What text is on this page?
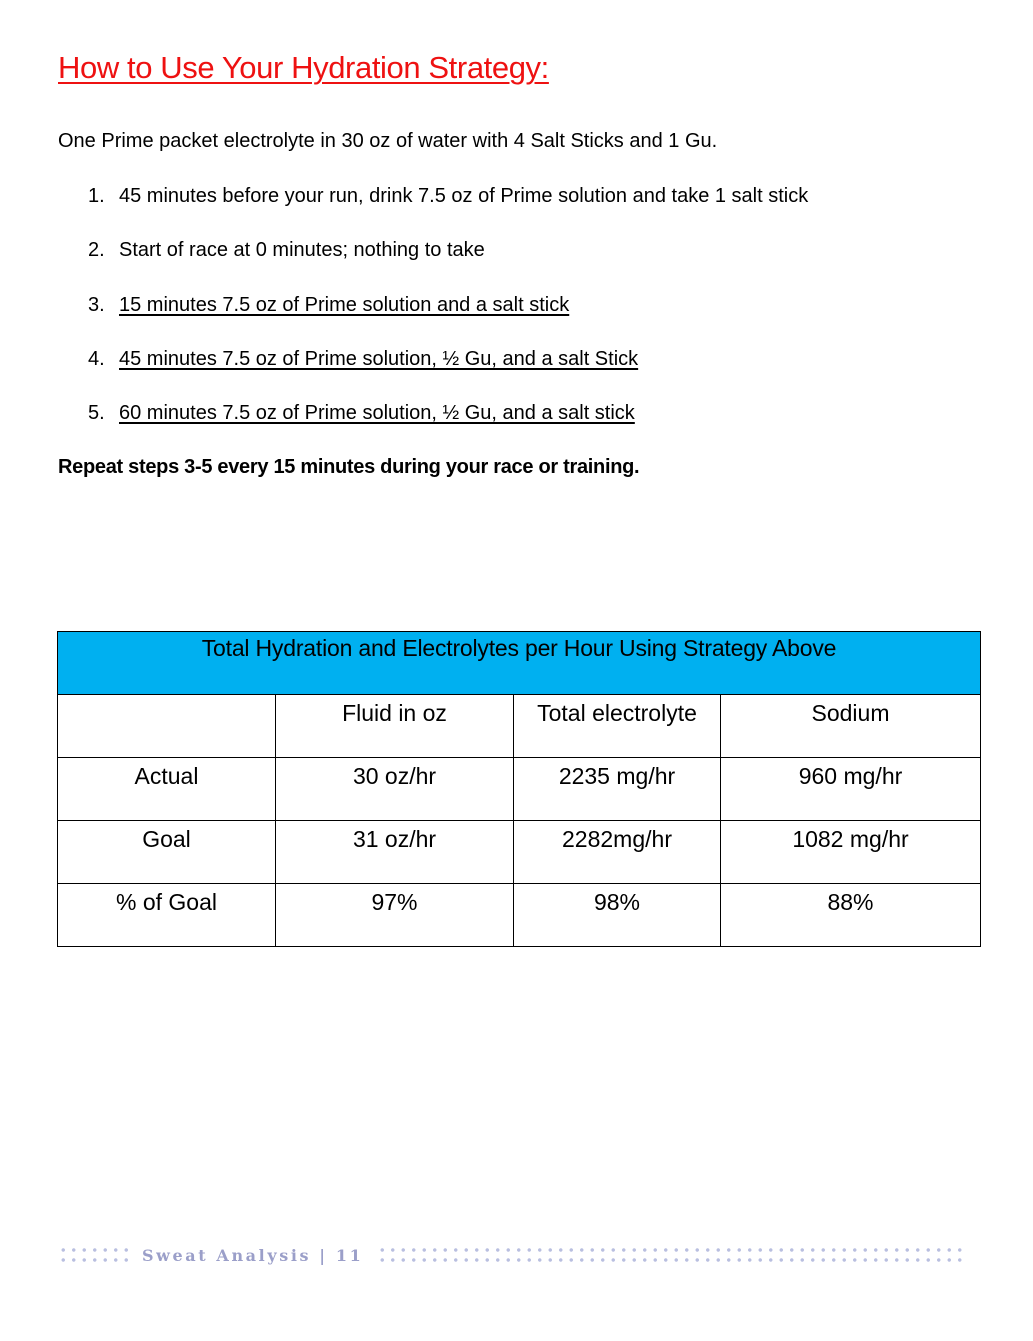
How to Use Your Hydration Strategy:

One Prime packet electrolyte in 30 oz of water with 4 Salt Sticks and 1 Gu.

1. 45 minutes before your run, drink 7.5 oz of Prime solution and take 1 salt stick
2. Start of race at 0 minutes; nothing to take
3. 15 minutes 7.5 oz of Prime solution and a salt stick
4. 45 minutes 7.5 oz of Prime solution, ½ Gu, and a salt Stick
5. 60 minutes 7.5 oz of Prime solution, ½ Gu, and a salt stick

Repeat steps 3-5 every 15 minutes during your race or training.

Total Hydration and Electrolytes per Hour Using Strategy Above			
	Fluid in oz	Total electrolyte	Sodium
Actual	30 oz/hr	2235 mg/hr	960 mg/hr
Goal	31 oz/hr	2282mg/hr	1082 mg/hr
% of Goal	97%	98%	88%
Sweat Analysis | 11
